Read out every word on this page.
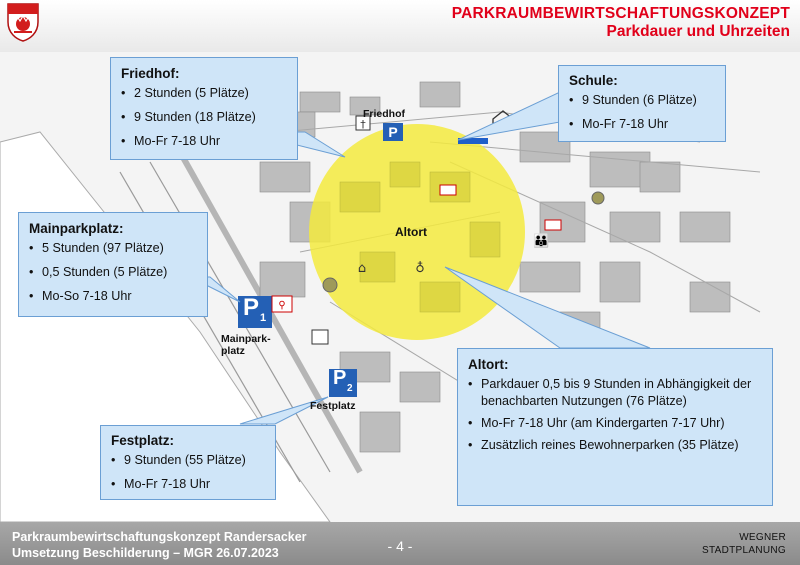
PARKRAUMBEWIRTSCHAFTUNGSKONZEPT
Parkdauer und Uhrzeiten
P
⚲
👪
†
⌂	♁
Friedhof
Altort
Mainpark-
platz
Festplatz
P 1
P 2
Friedhof:
• 2 Stunden (5 Plätze)
• 9 Stunden (18 Plätze)
• Mo-Fr 7-18 Uhr
Schule:
• 9 Stunden (6 Plätze)
• Mo-Fr 7-18 Uhr
Mainparkplatz:
• 5 Stunden (97 Plätze)
• 0,5 Stunden (5 Plätze)
• Mo-So 7-18 Uhr
Festplatz:
• 9 Stunden (55 Plätze)
• Mo-Fr 7-18 Uhr
Altort:
• Parkdauer 0,5 bis 9 Stunden in Abhängigkeit der benachbarten Nutzungen (76 Plätze)
• Mo-Fr 7-18 Uhr (am Kindergarten 7-17 Uhr)
• Zusätzlich reines Bewohnerparken (35 Plätze)
Parkraumbewirtschaftungskonzept Randersacker
Umsetzung Beschilderung – MGR 26.07.2023	- 4 -
WEGNER
STADTPLANUNG
